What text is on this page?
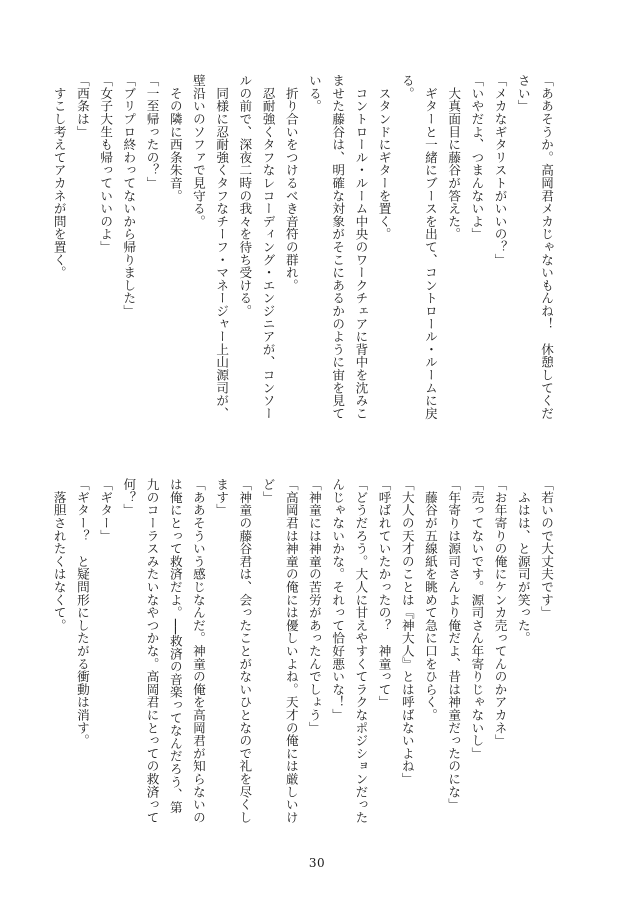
「ああそうか。高岡君メカじゃないもんね！　休憩してくだ

さい」

「メカなギタリストがいいの？」

「いやだよ、つまんないよ」

　大真面目に藤谷が答えた。

　ギターと一緒にブースを出て、コントロール・ルームに戻

る。

　スタンドにギターを置く。

　コントロール・ルーム中央のワークチェアに背中を沈みこ

ませた藤谷は、明確な対象がそこにあるかのように宙を見て

いる。

　折り合いをつけるべき音符の群れ。

　忍耐強くタフなレコーディング・エンジニアが、コンソー

ルの前で、深夜二時の我々を待ち受ける。

　同様に忍耐強くタフなチーフ・マネージャー上山源司が、

壁沿いのソファで見守る。

　その隣に西条朱音。

「一至帰ったの？」

「ブリプロ終わってないから帰りました」

「女子大生も帰っていいのよ」

「西条は」

　すこし考えてアカネが問を置く。

「若いので大丈夫です」

　ふはは、と源司が笑った。

「お年寄りの俺にケンカ売ってんのかアカネ」

「売ってないです。源司さん年寄りじゃないし」

「年寄りは源司さんより俺だよ、昔は神童だったのにな」

　藤谷が五線紙を眺めて急に口をひらく。

「大人の天才のことは『神大人』とは呼ばないよね」

「呼ばれていたかったの？　神童って」

「どうだろう。大人に甘えやすくてラクなポジションだった

んじゃないかな。それって恰好悪いな！」

「神童には神童の苦労があったんでしょう」

「高岡君は神童の俺には優しいよね。天才の俺には厳しいけ

ど」

「神童の藤谷君は、会ったことがないひとなので礼を尽くし

ます」

「ああそういう感じなんだ。神童の俺を高岡君が知らないの

は俺にとって救済だよ。──救済の音楽ってなんだろう、第

九のコーラスみたいなやつかな。高岡君にとっての救済って

何？」

「ギター」

「ギター？　と疑問形にしたがる衝動は消す。

　落胆されたくはなくて。

30
